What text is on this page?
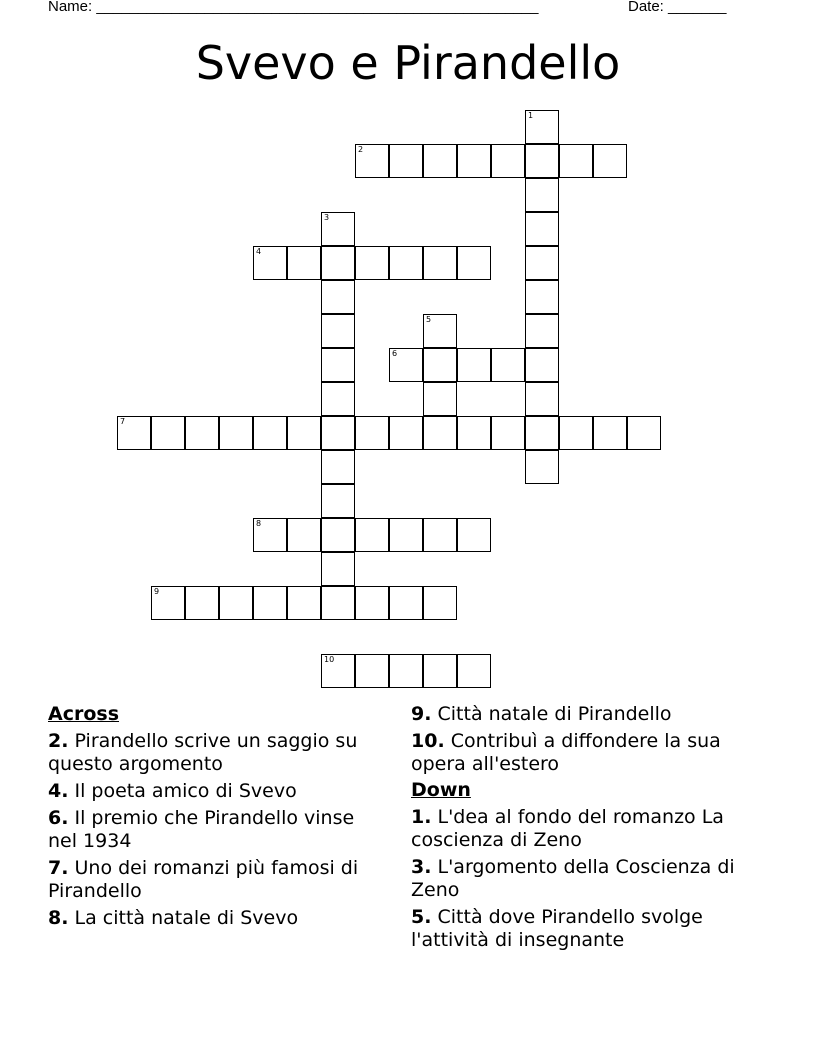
Name: _____________________________________________________

	Date: _______

Svevo e Pirandello
1
2
3
4
5
6
7
8
9
10
Across
2. Pirandello scrive un saggio su questo argomento
4. Il poeta amico di Svevo
6. Il premio che Pirandello vinse nel 1934
7. Uno dei romanzi più famosi di Pirandello
8. La città natale di Svevo
9. Città natale di Pirandello
10. Contribuì a diffondere la sua opera all'estero
Down
1. L'dea al fondo del romanzo La coscienza di Zeno
3. L'argomento della Coscienza di Zeno
5. Città dove Pirandello svolge l'attività di insegnante
